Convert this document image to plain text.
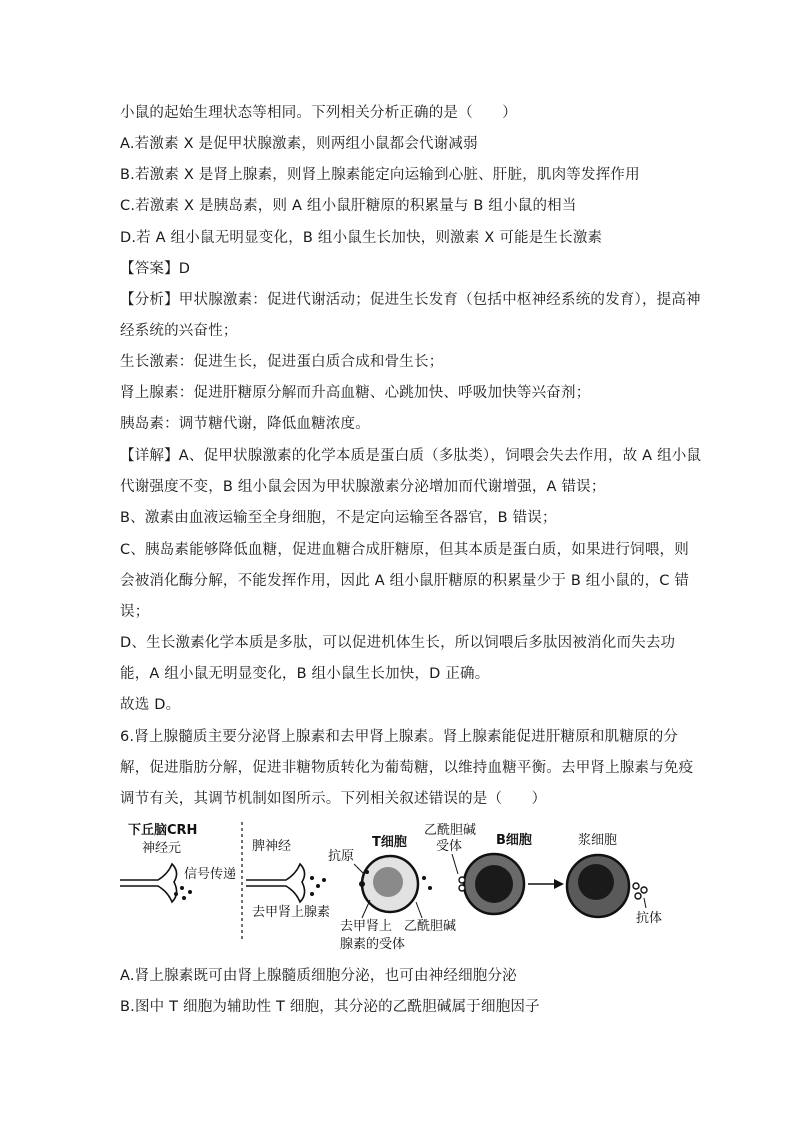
小鼠的起始生理状态等相同。下列相关分析正确的是（　　）
A.若激素 X 是促甲状腺激素，则两组小鼠都会代谢减弱
B.若激素 X 是肾上腺素，则肾上腺素能定向运输到心脏、肝脏，肌肉等发挥作用
C.若激素 X 是胰岛素，则 A 组小鼠肝糖原的积累量与 B 组小鼠的相当
D.若 A 组小鼠无明显变化，B 组小鼠生长加快，则激素 X 可能是生长激素
【答案】D
【分析】甲状腺激素：促进代谢活动；促进生长发育（包括中枢神经系统的发育），提高神
经系统的兴奋性；
生长激素：促进生长，促进蛋白质合成和骨生长；
肾上腺素：促进肝糖原分解而升高血糖、心跳加快、呼吸加快等兴奋剂；
胰岛素：调节糖代谢，降低血糖浓度。
【详解】A、促甲状腺激素的化学本质是蛋白质（多肽类），饲喂会失去作用，故 A 组小鼠
代谢强度不变，B 组小鼠会因为甲状腺激素分泌增加而代谢增强，A 错误；
B、激素由血液运输至全身细胞，不是定向运输至各器官，B 错误；
C、胰岛素能够降低血糖，促进血糖合成肝糖原，但其本质是蛋白质，如果进行饲喂，则
会被消化酶分解，不能发挥作用，因此 A 组小鼠肝糖原的积累量少于 B 组小鼠的，C 错
误；
D、生长激素化学本质是多肽，可以促进机体生长，所以饲喂后多肽因被消化而失去功
能，A 组小鼠无明显变化，B 组小鼠生长加快，D 正确。
故选 D。
6.肾上腺髓质主要分泌肾上腺素和去甲肾上腺素。肾上腺素能促进肝糖原和肌糖原的分
解，促进脂肪分解，促进非糖物质转化为葡萄糖，以维持血糖平衡。去甲肾上腺素与免疫
调节有关，其调节机制如图所示。下列相关叙述错误的是（　　）
下丘脑CRH
神经元
信号传递
脾神经
去甲肾上腺素
抗原
T细胞
去甲肾上
腺素的受体
乙酰胆碱
乙酰胆碱
受体	B细胞	浆细胞
抗体
A.肾上腺素既可由肾上腺髓质细胞分泌，也可由神经细胞分泌
B.图中 T 细胞为辅助性 T 细胞，其分泌的乙酰胆碱属于细胞因子
